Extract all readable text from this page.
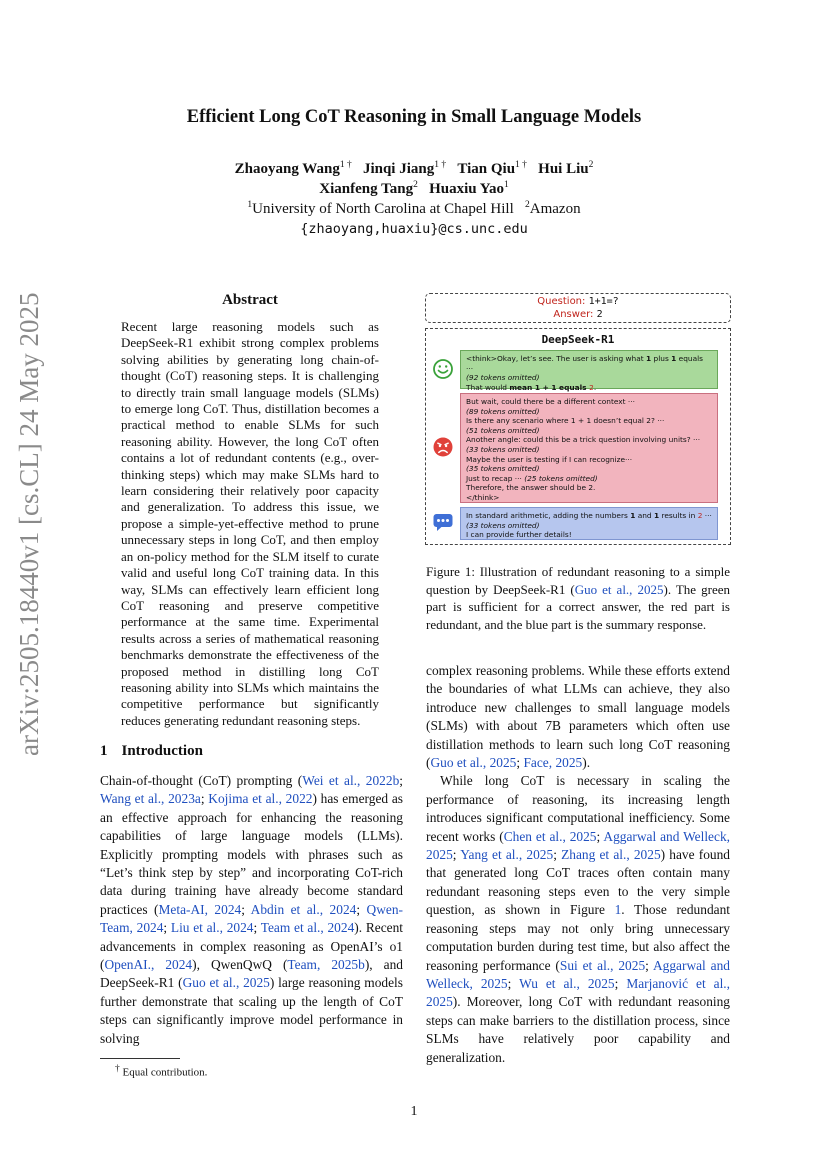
arXiv:2505.18440v1 [cs.CL] 24 May 2025
Efficient Long CoT Reasoning in Small Language Models
Zhaoyang Wang$^{1 \dagger}$ Jinqi Jiang$^{1 \dagger}$ Tian Qiu$^{1 \dagger}$ Hui Liu$^2$
Xianfeng Tang$^2$ Huaxiu Yao$^1$
$^1$University of North Carolina at Chapel Hill $^2$Amazon
{zhaoyang,huaxiu}@cs.unc.edu
Abstract
Recent large reasoning models such as DeepSeek-R1 exhibit strong complex problems solving abilities by generating long chain-of-thought (CoT) reasoning steps. It is challenging to directly train small language models (SLMs) to emerge long CoT. Thus, distillation becomes a practical method to enable SLMs for such reasoning ability. However, the long CoT often contains a lot of redundant contents (e.g., over-thinking steps) which may make SLMs hard to learn considering their relatively poor capacity and generalization. To address this issue, we propose a simple-yet-effective method to prune unnecessary steps in long CoT, and then employ an on-policy method for the SLM itself to curate valid and useful long CoT training data. In this way, SLMs can effectively learn efficient long CoT reasoning and preserve competitive performance at the same time. Experimental results across a series of mathematical reasoning benchmarks demonstrate the effectiveness of the proposed method in distilling long CoT reasoning ability into SLMs which maintains the competitive performance but significantly reduces generating redundant reasoning steps.
1 Introduction

Chain-of-thought (CoT) prompting (Wei et al., 2022b; Wang et al., 2023a; Kojima et al., 2022) has emerged as an effective approach for enhancing the reasoning capabilities of large language models (LLMs). Explicitly prompting models with phrases such as “Let’s think step by step” and incorporating CoT-rich data during training have already become standard practices (Meta-AI, 2024; Abdin et al., 2024; Qwen-Team, 2024; Liu et al., 2024; Team et al., 2024). Recent advancements in complex reasoning as OpenAI’s o1 (OpenAI., 2024), QwenQwQ (Team, 2025b), and DeepSeek-R1 (Guo et al., 2025) large reasoning models further demonstrate that scaling up the length of CoT steps can significantly improve model performance in solving

complex reasoning problems. While these efforts extend the boundaries of what LLMs can achieve, they also introduce new challenges to small language models (SLMs) with about 7B parameters which often use distillation methods to learn such long CoT reasoning (Guo et al., 2025; Face, 2025).

While long CoT is necessary in scaling the performance of reasoning, its increasing length introduces significant computational inefficiency. Some recent works (Chen et al., 2025; Aggarwal and Welleck, 2025; Yang et al., 2025; Zhang et al., 2025) have found that generated long CoT traces often contain many redundant reasoning steps even to the very simple question, as shown in Figure 1. Those redundant reasoning steps may not only bring unnecessary computation burden during test time, but also affect the reasoning performance (Sui et al., 2025; Aggarwal and Welleck, 2025; Wu et al., 2025; Marjanović et al., 2025). Moreover, long CoT with redundant reasoning steps can make barriers to the distillation process, since SLMs have relatively poor capability and generalization.

† Equal contribution.
1
Question: 1+1=?
Answer: 2
DeepSeek-R1
<think>Okay, let’s see. The user is asking what 1 plus 1 equals ···
(92 tokens omitted)
That would mean 1 + 1 equals 2.
But wait, could there be a different context ···
(89 tokens omitted)
Is there any scenario where 1 + 1 doesn’t equal 2? ···
(51 tokens omitted)
Another angle: could this be a trick question involving units? ···
(33 tokens omitted)
Maybe the user is testing if I can recognize···
(35 tokens omitted)
Just to recap ··· (25 tokens omitted)
Therefore, the answer should be 2.
</think>
In standard arithmetic, adding the numbers 1 and 1 results in 2 ···
(33 tokens omitted)
I can provide further details!
Figure 1: Illustration of redundant reasoning to a simple question by DeepSeek-R1 (Guo et al., 2025). The green part is sufficient for a correct answer, the red part is redundant, and the blue part is the summary response.
